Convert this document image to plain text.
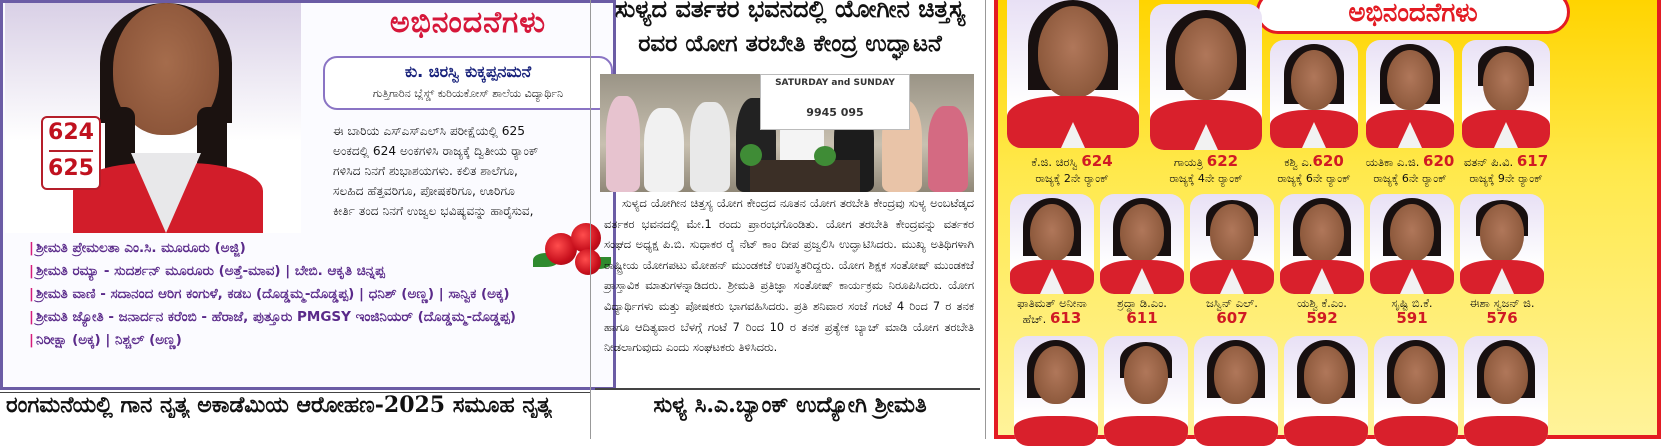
624
625
ಅಭಿನಂದನೆಗಳು
ಕು. ಚಿರಸ್ವಿ ಕುಕ್ಕಪ್ಪನಮನೆ
ಗುತ್ತಿಗಾರಿನ ಬ್ಲೆಸ್ಡ್ ಕುರಿಯಕೋಸ್ ಶಾಲೆಯ ವಿದ್ಯಾರ್ಥಿನಿ
ಈ ಬಾರಿಯ ಎಸ್‌ಎಸ್‌ಎಲ್‌ಸಿ ಪರೀಕ್ಷೆಯಲ್ಲಿ 625
ಅಂಕದಲ್ಲಿ 624 ಅಂಕಗಳಿಸಿ ರಾಜ್ಯಕ್ಕೆ ದ್ವಿತೀಯ ರ್‍ಯಾಂಕ್
ಗಳಿಸಿದ ನಿನಗೆ ಶುಭಾಶಯಗಳು. ಕಲಿತ ಶಾಲೆಗೂ,
ಸಲಹಿದ ಹೆತ್ತವರಿಗೂ, ಪೋಷಕರಿಗೂ, ಊರಿಗೂ
ಕೀರ್ತಿ ತಂದ ನಿನಗೆ ಉಜ್ವಲ ಭವಿಷ್ಯವನ್ನು ಹಾರೈಸುವ,
| ಶ್ರೀಮತಿ ಪ್ರೇಮಲತಾ ಎಂ.ಸಿ. ಮೂರೂರು (ಅಜ್ಜಿ)
| ಶ್ರೀಮತಿ ರಮ್ಯಾ - ಸುದರ್ಶನ್ ಮೂರೂರು (ಅತ್ತೆ-ಮಾವ) | ಬೇಬಿ. ಆಕೃತಿ ಚಿನ್ನಪ್ಪ
| ಶ್ರೀಮತಿ ವಾಣಿ - ಸದಾನಂದ ಆರಿಗ ಕಂಗುಳೆ, ಕಡಬ (ದೊಡ್ಡಮ್ಮ-ದೊಡ್ಡಪ್ಪ) | ಧನಿಶ್ (ಅಣ್ಣ) | ಸಾನ್ವಿಕ (ಅಕ್ಕ)
| ಶ್ರೀಮತಿ ಜ್ಯೋತಿ - ಜನಾರ್ದನ ಕರೆಂಬಿ - ಹೆರಾಜೆ, ಪುತ್ತೂರು PMGSY ಇಂಜಿನಿಯರ್ (ದೊಡ್ಡಮ್ಮ-ದೊಡ್ಡಪ್ಪ)
| ನಿರೀಕ್ಷಾ (ಅಕ್ಕ) | ನಿಶ್ಚಲ್ (ಅಣ್ಣ)
ಸುಳ್ಯದ ವರ್ತಕರ ಭವನದಲ್ಲಿ ಯೋಗೀನ ಚಿತ್ತಸ್ಯ
ರವರ ಯೋಗ ತರಬೇತಿ ಕೇಂದ್ರ ಉದ್ಘಾಟನೆ
SATURDAY and SUNDAY
9945 095

ಸುಳ್ಯದ ಯೋಗೀನ ಚಿತ್ತಸ್ಯ ಯೋಗ ಕೇಂದ್ರದ ನೂತನ ಯೋಗ ತರಬೇತಿ ಕೇಂದ್ರವು ಸುಳ್ಯ ಅಂಬಟೆಡ್ಕದ ವರ್ತಕರ ಭವನದಲ್ಲಿ ಮೇ.1 ರಂದು ಪ್ರಾರಂಭಗೊಂಡಿತು. ಯೋಗ ತರಬೇತಿ ಕೇಂದ್ರವನ್ನು ವರ್ತಕರ ಸಂಘದ ಅಧ್ಯಕ್ಷ ಪಿ.ಬಿ. ಸುಧಾಕರ ರೈ ನೆಟ್ ಕಾಂ ದೀಪ ಪ್ರಜ್ವಲಿಸಿ ಉದ್ಘಾಟಿಸಿದರು. ಮುಖ್ಯ ಅತಿಥಿಗಳಾಗಿ ರಾಷ್ಟ್ರೀಯ ಯೋಗಪಟು ಮೋಹನ್ ಮುಂಡಕಜೆ ಉಪಸ್ಥಿತರಿದ್ದರು. ಯೋಗ ಶಿಕ್ಷಕ ಸಂತೋಷ್ ಮುಂಡಕಜೆ ಪ್ರಾಸ್ತಾವಿಕ ಮಾತುಗಳನ್ನಾಡಿದರು. ಶ್ರೀಮತಿ ಪ್ರತಿಜ್ಞಾ ಸಂತೋಷ್ ಕಾರ್ಯಕ್ರಮ ನಿರೂಪಿಸಿದರು. ಯೋಗ ವಿದ್ಯಾರ್ಥಿಗಳು ಮತ್ತು ಪೋಷಕರು ಭಾಗವಹಿಸಿದರು. ಪ್ರತಿ ಶನಿವಾರ ಸಂಜೆ ಗಂಟೆ 4 ರಿಂದ 7 ರ ತನಕ ಹಾಗೂ ಆದಿತ್ಯವಾರ ಬೆಳಗ್ಗೆ ಗಂಟೆ 7 ರಿಂದ 10 ರ ತನಕ ಪ್ರತ್ಯೇಕ ಬ್ಯಾಚ್ ಮಾಡಿ ಯೋಗ ತರಬೇತಿ ನೀಡಲಾಗುವುದು ಎಂದು ಸಂಘಟಕರು ತಿಳಿಸಿದರು.

ಸುಳ್ಯ ಸಿ.ಎ.ಬ್ಯಾಂಕ್ ಉದ್ಯೋಗಿ ಶ್ರೀಮತಿ
ರಂಗಮನೆಯಲ್ಲಿ ಗಾನ ನೃತ್ಯ ಅಕಾಡೆಮಿಯ ಆರೋಹಣ-2025 ಸಮೂಹ ನೃತ್ಯ
ಅಭಿನಂದನೆಗಳು
ಕೆ.ಜಿ. ಚಿರಸ್ವಿ 624
ರಾಜ್ಯಕ್ಕೆ 2ನೇ ರ್‍ಯಾಂಕ್
ಗಾಯತ್ರಿ 622
ರಾಜ್ಯಕ್ಕೆ 4ನೇ ರ್‍ಯಾಂಕ್
ಕಶ್ವಿ ಎ.620
ರಾಜ್ಯಕ್ಕೆ 6ನೇ ರ್‍ಯಾಂಕ್
ಯತಿಕಾ ಎ.ಜಿ. 620
ರಾಜ್ಯಕ್ಕೆ 6ನೇ ರ್‍ಯಾಂಕ್
ವತನ್ ಪಿ.ವಿ. 617
ರಾಜ್ಯಕ್ಕೆ 9ನೇ ರ್‍ಯಾಂಕ್
ಫಾತಿಮತ್ ಅನೀನಾ ಹೆಚ್. 613
ಶ್ರದ್ಧಾ ಡಿ.ಎಂ.
611
ಜಸ್ವಿನ್ ಎಲ್.
607
ಯಶ್ವಿ ಕೆ.ಎಂ.
592
ಸೃಷ್ಟಿ ಬಿ.ಕೆ.
591
ಈಶಾ ಸ್ವಜನ್ ಜಿ.
576
